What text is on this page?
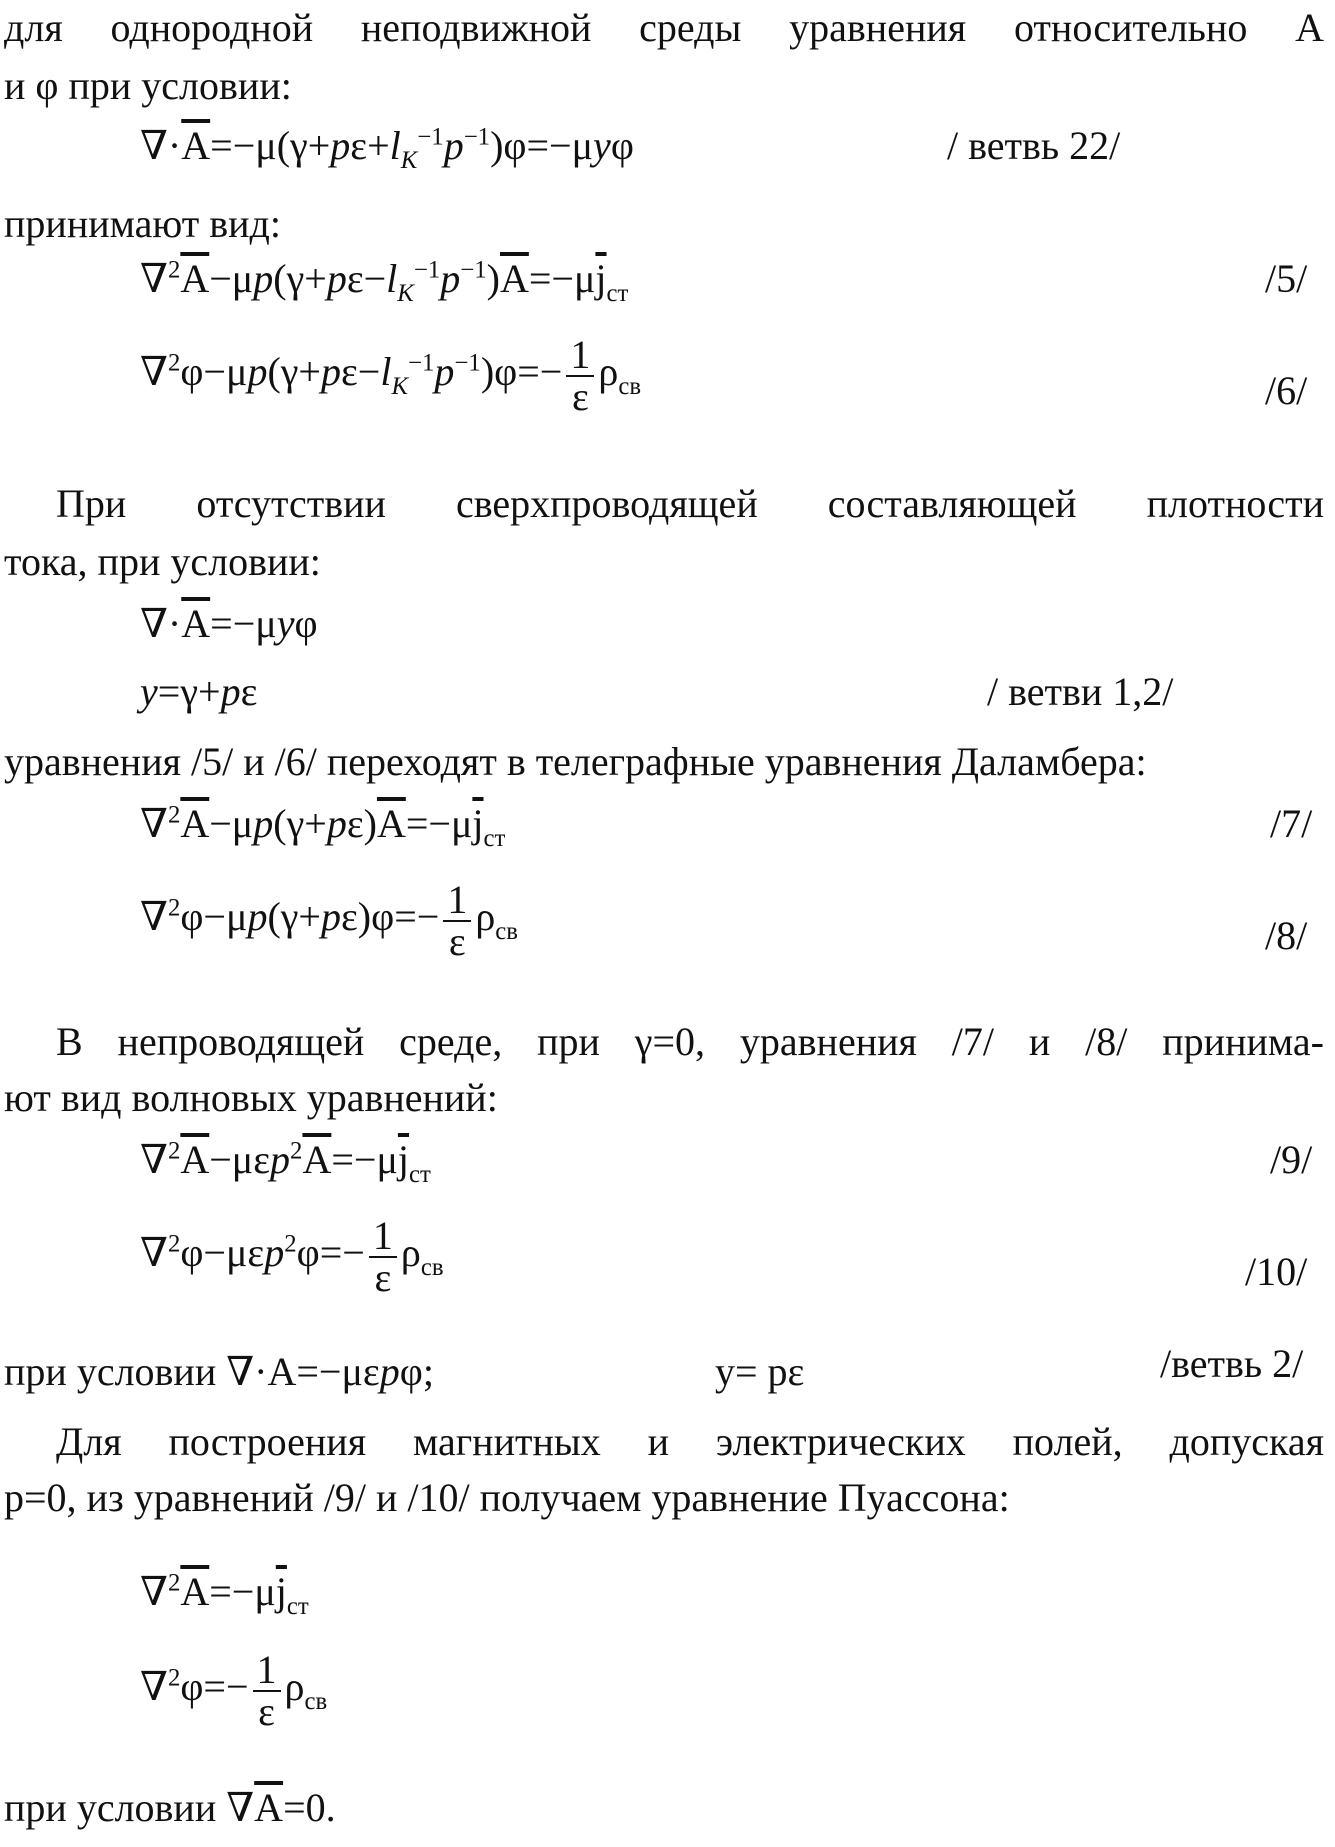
для однородной неподвижной среды уравнения относительно A
и φ при условии:
$\nabla\cdot\overline{A}=-\mu(\gamma+p\varepsilon+l_K^{-1}p^{-1})\varphi=-\mu y\varphi$	/ ветвь 22/
принимают вид:
$\nabla^2\overline{A}-\mu p(\gamma+p\varepsilon-l_K^{-1}p^{-1})\overline{A}=-\mu\overline{j}_{ст}$	/5/
$\nabla^2\varphi-\mu p(\gamma+p\varepsilon-l_K^{-1}p^{-1})\varphi=- \frac{1}{\varepsilon} \rho_{св}$	/6/
При отсутствии сверхпроводящей составляющей плотности
тока, при условии:
$\nabla\cdot\overline{A}=-\mu y\varphi$
y=γ+pε	/ ветви 1,2/
уравнения /5/ и /6/ переходят в телеграфные уравнения Даламбера:
$\nabla^2\overline{A}-\mu p(\gamma+p\varepsilon)\overline{A}=-\mu\overline{j}_{ст}$	/7/
$\nabla^2\varphi-\mu p(\gamma+p\varepsilon)\varphi=- \frac{1}{\varepsilon} \rho_{св}$	/8/
В непроводящей среде, при γ=0, уравнения /7/ и /8/ принима-
ют вид волновых уравнений:
$\nabla^2\overline{A}-\mu\varepsilon p^2\overline{A}=-\mu\overline{j}_{ст}$	/9/
$\nabla^2\varphi-\mu\varepsilon p^2\varphi=- \frac{1}{\varepsilon} \rho_{св}$	/10/
при условии ∇·A=−μεpφ;	y= pε	/ветвь 2/
Для построения магнитных и электрических полей, допуская
p=0, из уравнений /9/ и /10/ получаем уравнение Пуассона:
$\nabla^2\overline{A}=-\mu\overline{j}_{ст}$
$\nabla^2\varphi=- \frac{1}{\varepsilon} \rho_{св}$
при условии $\nabla\overline{A}=0$.
